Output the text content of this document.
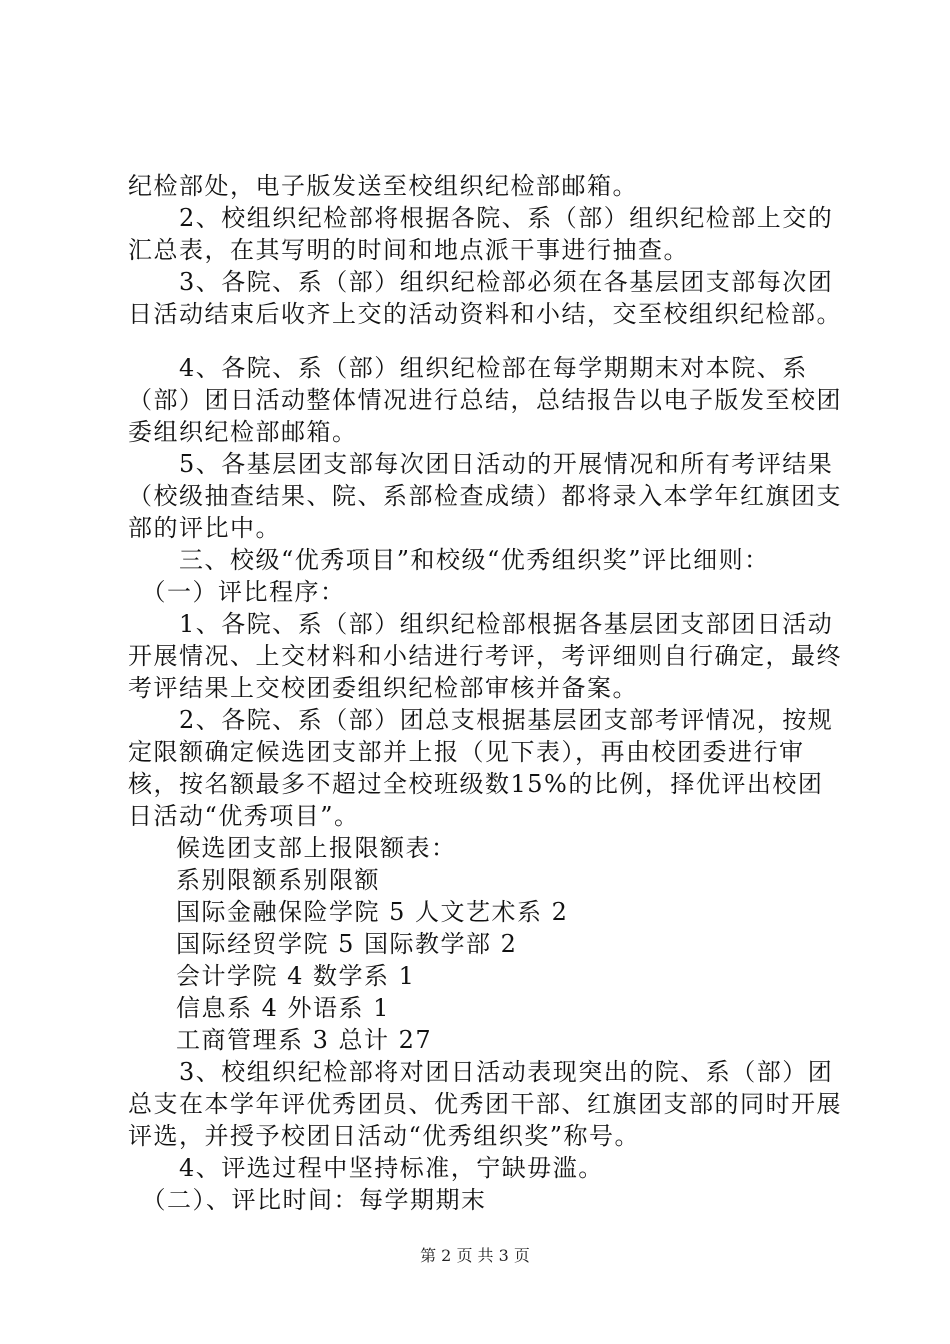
纪检部处，电子版发送至校组织纪检部邮箱。

　　2、校组织纪检部将根据各院、系（部）组织纪检部上交的汇总表，在其写明的时间和地点派干事进行抽查。

　　3、各院、系（部）组织纪检部必须在各基层团支部每次团日活动结束后收齐上交的活动资料和小结，交至校组织纪检部。

　　4、各院、系（部）组织纪检部在每学期期末对本院、系（部）团日活动整体情况进行总结，总结报告以电子版发至校团委组织纪检部邮箱。

　　5、各基层团支部每次团日活动的开展情况和所有考评结果（校级抽查结果、院、系部检查成绩）都将录入本学年红旗团支部的评比中。

　　三、校级“优秀项目”和校级“优秀组织奖”评比细则：

　（一）评比程序：

　　1、各院、系（部）组织纪检部根据各基层团支部团日活动开展情况、上交材料和小结进行考评，考评细则自行确定，最终考评结果上交校团委组织纪检部审核并备案。

　　2、各院、系（部）团总支根据基层团支部考评情况，按规定限额确定候选团支部并上报（见下表），再由校团委进行审核，按名额最多不超过全校班级数15%的比例，择优评出校团日活动“优秀项目”。

候选团支部上报限额表：

系别限额系别限额

国际金融保险学院 5 人文艺术系 2

国际经贸学院 5 国际教学部 2

会计学院 4 数学系 1

信息系 4 外语系 1

工商管理系 3 总计 27

　　3、校组织纪检部将对团日活动表现突出的院、系（部）团总支在本学年评优秀团员、优秀团干部、红旗团支部的同时开展评选，并授予校团日活动“优秀组织奖”称号。

　　4、评选过程中坚持标准，宁缺毋滥。

　（二）、评比时间：每学期期末

第 2 页 共 3 页
